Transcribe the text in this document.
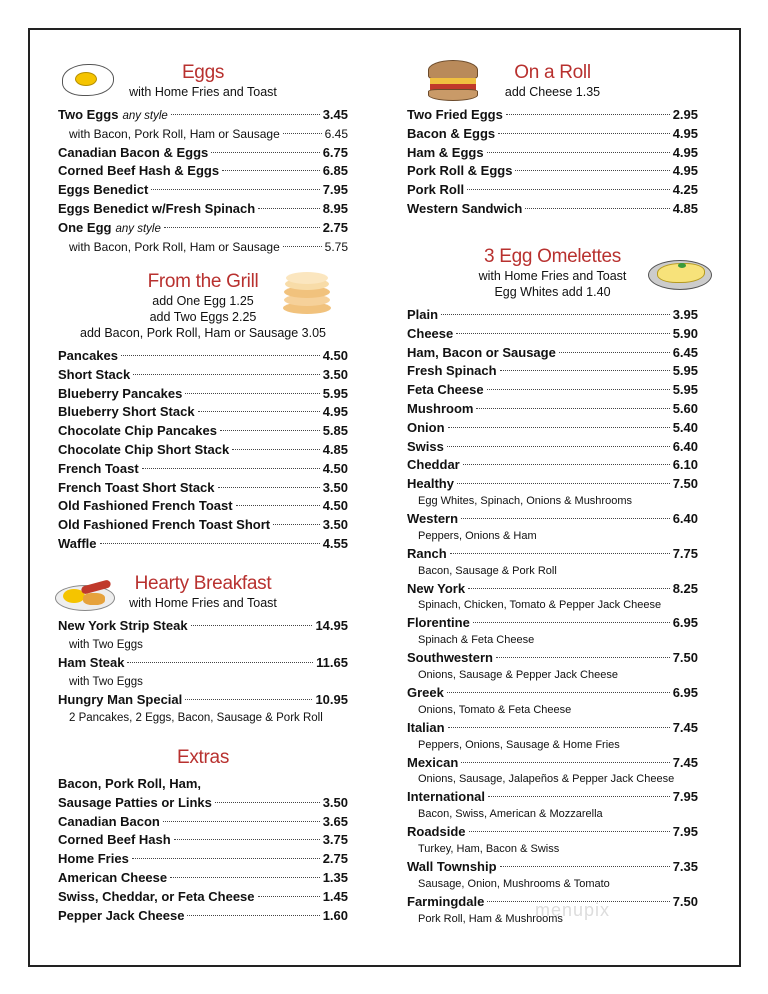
Eggs
with Home Fries and Toast
Two Eggs any style	3.45
with Bacon, Pork Roll, Ham or Sausage	6.45
Canadian Bacon & Eggs	6.75
Corned Beef Hash & Eggs	6.85
Eggs Benedict	7.95
Eggs Benedict w/Fresh Spinach	8.95
One Egg any style	2.75
with Bacon, Pork Roll, Ham or Sausage	5.75
From the Grill
add One Egg 1.25
add Two Eggs 2.25
add Bacon, Pork Roll, Ham or Sausage 3.05
Pancakes	4.50
Short Stack	3.50
Blueberry Pancakes	5.95
Blueberry Short Stack	4.95
Chocolate Chip Pancakes	5.85
Chocolate Chip Short Stack	4.85
French Toast	4.50
French Toast Short Stack	3.50
Old Fashioned French Toast	4.50
Old Fashioned French Toast Short	3.50
Waffle	4.55
Hearty Breakfast
with Home Fries and Toast
New York Strip Steak	14.95
with Two Eggs
Ham Steak	11.65
with Two Eggs
Hungry Man Special	10.95
2 Pancakes, 2 Eggs, Bacon, Sausage & Pork Roll
Extras
Bacon, Pork Roll, Ham,
Sausage Patties or Links	3.50
Canadian Bacon	3.65
Corned Beef Hash	3.75
Home Fries	2.75
American Cheese	1.35
Swiss, Cheddar, or Feta Cheese	1.45
Pepper Jack Cheese	1.60
On a Roll
add Cheese 1.35
Two Fried Eggs	2.95
Bacon & Eggs	4.95
Ham & Eggs	4.95
Pork Roll & Eggs	4.95
Pork Roll	4.25
Western Sandwich	4.85
3 Egg Omelettes
with Home Fries and Toast
Egg Whites add 1.40
Plain	3.95
Cheese	5.90
Ham, Bacon or Sausage	6.45
Fresh Spinach	5.95
Feta Cheese	5.95
Mushroom	5.60
Onion	5.40
Swiss	6.40
Cheddar	6.10
Healthy	7.50
Egg Whites, Spinach, Onions & Mushrooms
Western	6.40
Peppers, Onions & Ham
Ranch	7.75
Bacon, Sausage & Pork Roll
New York	8.25
Spinach, Chicken, Tomato & Pepper Jack Cheese
Florentine	6.95
Spinach & Feta Cheese
Southwestern	7.50
Onions, Sausage & Pepper Jack Cheese
Greek	6.95
Onions, Tomato & Feta Cheese
Italian	7.45
Peppers, Onions, Sausage & Home Fries
Mexican	7.45
Onions, Sausage, Jalapeños & Pepper Jack Cheese
International	7.95
Bacon, Swiss, American & Mozzarella
Roadside	7.95
Turkey, Ham, Bacon & Swiss
Wall Township	7.35
Sausage, Onion, Mushrooms & Tomato
Farmingdale	7.50
Pork Roll, Ham & Mushrooms
menupix
